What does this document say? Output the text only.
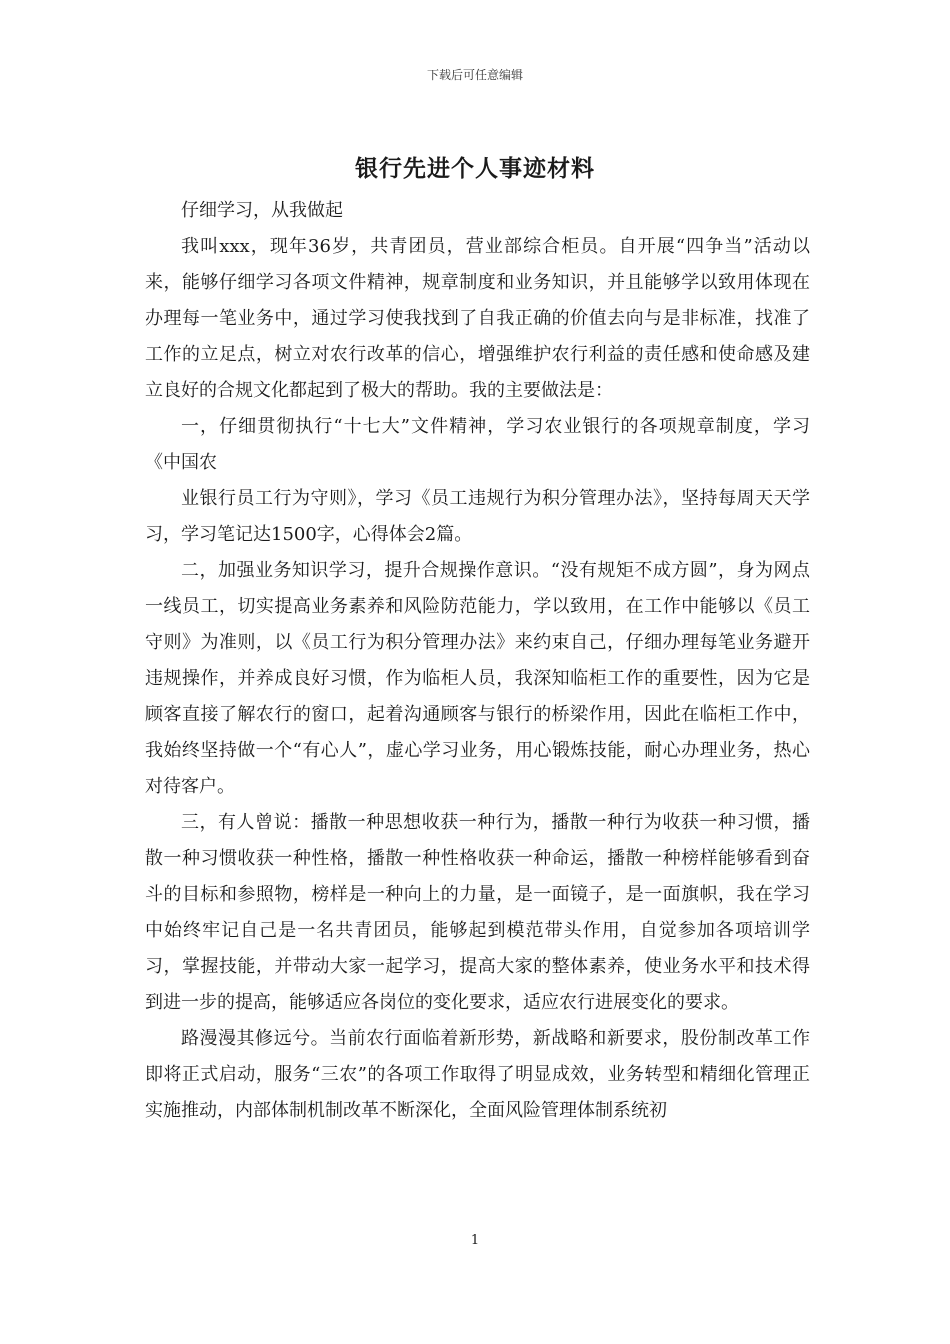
下载后可任意编辑
银行先进个人事迹材料

仔细学习，从我做起

我叫xxx，现年36岁，共青团员，营业部综合柜员。自开展“四争当”活动以来，能够仔细学习各项文件精神，规章制度和业务知识，并且能够学以致用体现在办理每一笔业务中，通过学习使我找到了自我正确的价值去向与是非标准，找准了工作的立足点，树立对农行改革的信心，增强维护农行利益的责任感和使命感及建立良好的合规文化都起到了极大的帮助。我的主要做法是：

一，仔细贯彻执行“十七大”文件精神，学习农业银行的各项规章制度，学习《中国农

业银行员工行为守则》，学习《员工违规行为积分管理办法》，坚持每周天天学习，学习笔记达1500字，心得体会2篇。

二，加强业务知识学习，提升合规操作意识。“没有规矩不成方圆”，身为网点一线员工，切实提高业务素养和风险防范能力，学以致用，在工作中能够以《员工守则》为准则，以《员工行为积分管理办法》来约束自己，仔细办理每笔业务避开违规操作，并养成良好习惯，作为临柜人员，我深知临柜工作的重要性，因为它是顾客直接了解农行的窗口，起着沟通顾客与银行的桥梁作用，因此在临柜工作中，我始终坚持做一个“有心人”，虚心学习业务，用心锻炼技能，耐心办理业务，热心对待客户。

三，有人曾说：播散一种思想收获一种行为，播散一种行为收获一种习惯，播散一种习惯收获一种性格，播散一种性格收获一种命运，播散一种榜样能够看到奋斗的目标和参照物，榜样是一种向上的力量，是一面镜子，是一面旗帜，我在学习中始终牢记自己是一名共青团员，能够起到模范带头作用，自觉参加各项培训学习，掌握技能，并带动大家一起学习，提高大家的整体素养，使业务水平和技术得到进一步的提高，能够适应各岗位的变化要求，适应农行进展变化的要求。

路漫漫其修远兮。当前农行面临着新形势，新战略和新要求，股份制改革工作即将正式启动，服务“三农”的各项工作取得了明显成效，业务转型和精细化管理正实施推动，内部体制机制改革不断深化，全面风险管理体制系统初

1
